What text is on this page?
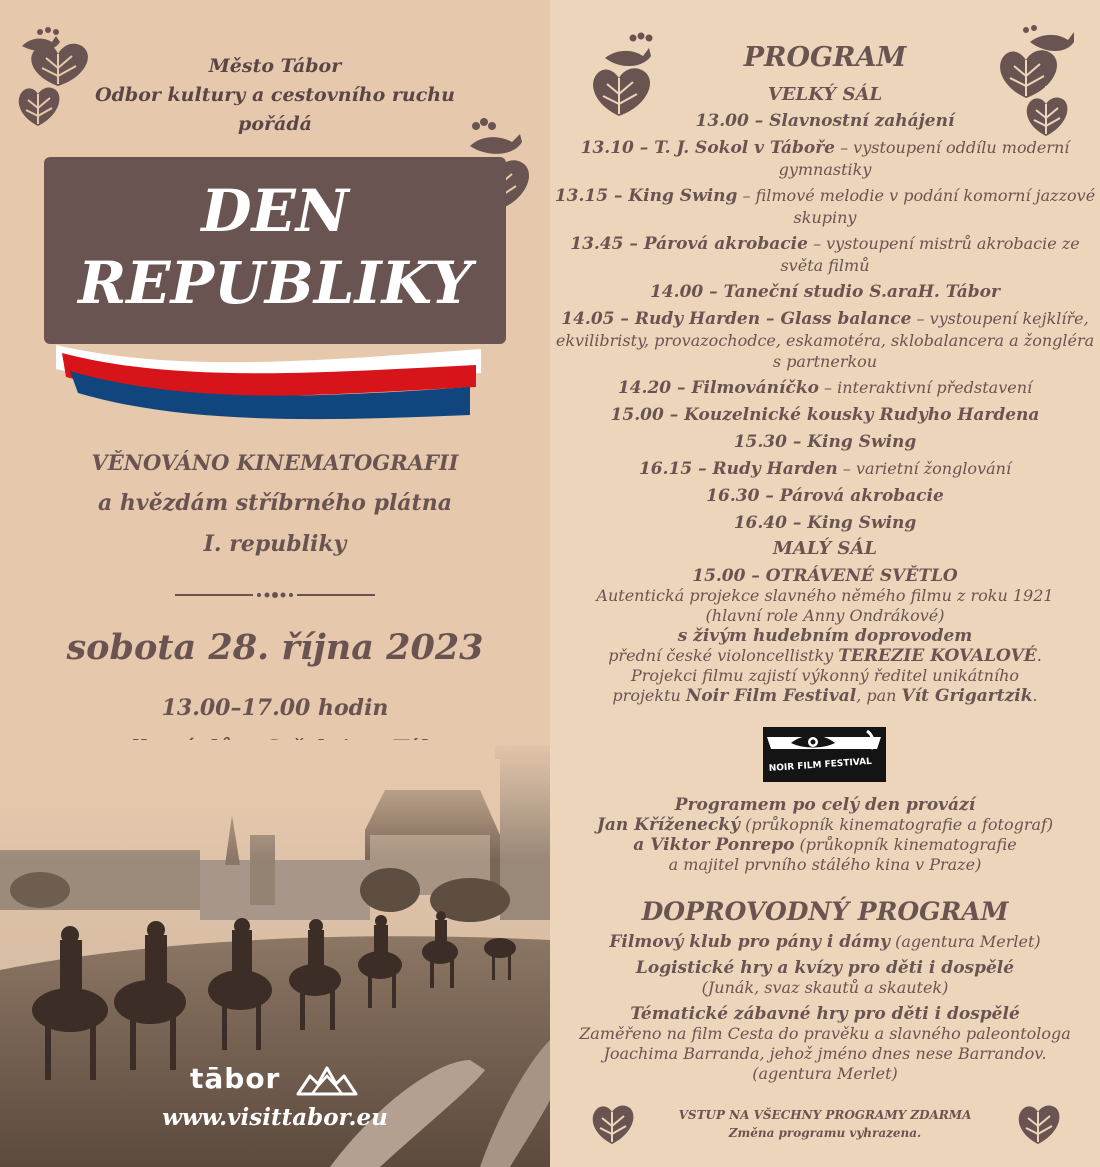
Město Tábor
Odbor kultury a cestovního ruchu
pořádá
DEN
REPUBLIKY
VĚNOVÁNO KINEMATOGRAFII
a hvězdám stříbrného plátna
I. republiky
sobota 28. října 2023
13.00–17.00 hodin
tābor
www.visittabor.eu
PROGRAM
VELKÝ SÁL
13.00 – Slavnostní zahájení
13.10 – T. J. Sokol v Táboře – vystoupení oddílu moderní gymnastiky
13.15 – King Swing – filmové melodie v podání komorní jazzové skupiny
13.45 – Párová akrobacie – vystoupení mistrů akrobacie ze světa filmů
14.00 – Taneční studio S.araH. Tábor
14.05 – Rudy Harden – Glass balance – vystoupení kejklíře, ekvilibristy, provazochodce, eskamotéra, sklobalancera a žongléra s partnerkou
14.20 – Filmováníčko – interaktivní představení
15.00 – Kouzelnické kousky Rudyho Hardena
15.30 – King Swing
16.15 – Rudy Harden – varietní žonglování
16.30 – Párová akrobacie
16.40 – King Swing
MALÝ SÁL
15.00 – OTRÁVENÉ SVĚTLO
Autentická projekce slavného němého filmu z roku 1921
(hlavní role Anny Ondrákové)
s živým hudebním doprovodem
přední české violoncellistky TEREZIE KOVALOVÉ.
Projekci filmu zajistí výkonný ředitel unikátního
projektu Noir Film Festival, pan Vít Grigartzik.
NOIR FILM FESTIVAL
Programem po celý den provází
Jan Kříženecký (průkopník kinematografie a fotograf)
a Viktor Ponrepo (průkopník kinematografie
a majitel prvního stálého kina v Praze)
DOPROVODNÝ PROGRAM
Filmový klub pro pány i dámy (agentura Merlet)
Logistické hry a kvízy pro děti i dospělé
(Junák, svaz skautů a skautek)
Tématické zábavné hry pro děti i dospělé
Zaměřeno na film Cesta do pravěku a slavného paleontologa
Joachima Barranda, jehož jméno dnes nese Barrandov.
(agentura Merlet)
VSTUP NA VŠECHNY PROGRAMY ZDARMA
Změna programu vyhrazena.
